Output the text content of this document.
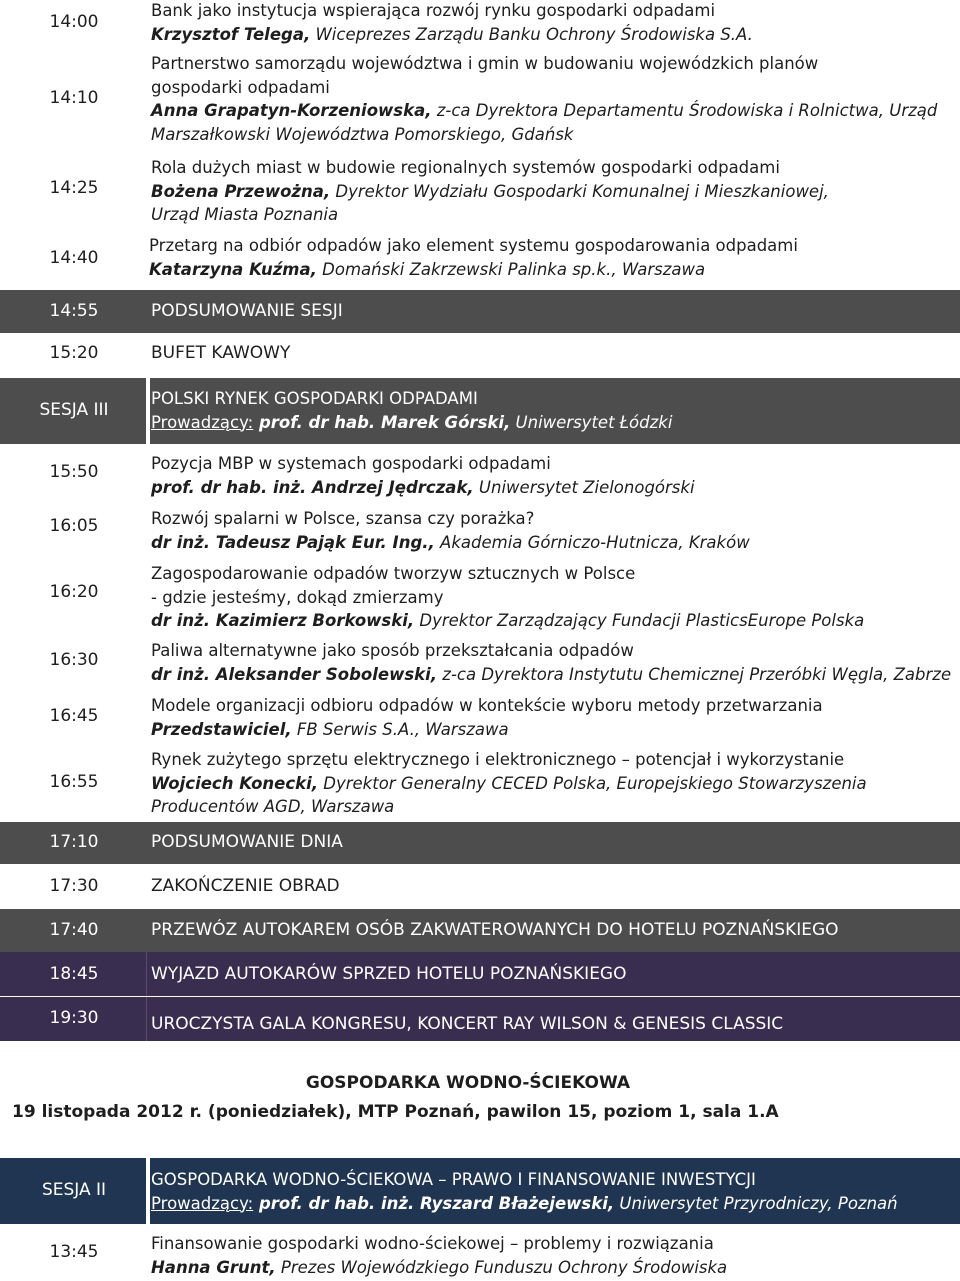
14:00
Bank jako instytucja wspierająca rozwój rynku gospodarki odpadami
Krzysztof Telega, Wiceprezes Zarządu Banku Ochrony Środowiska S.A.
14:10
Partnerstwo samorządu województwa i gmin w budowaniu wojewódzkich planów
gospodarki odpadami
Anna Grapatyn-Korzeniowska, z-ca Dyrektora Departamentu Środowiska i Rolnictwa, Urząd
Marszałkowski Województwa Pomorskiego, Gdańsk
14:25
Rola dużych miast w budowie regionalnych systemów gospodarki odpadami
Bożena Przewożna, Dyrektor Wydziału Gospodarki Komunalnej i Mieszkaniowej,
Urząd Miasta Poznania
14:40
Przetarg na odbiór odpadów jako element systemu gospodarowania odpadami
Katarzyna Kuźma, Domański Zakrzewski Palinka sp.k., Warszawa
14:55	PODSUMOWANIE SESJI
15:20	BUFET KAWOWY
SESJA III
POLSKI RYNEK GOSPODARKI ODPADAMI
Prowadzący: prof. dr hab. Marek Górski, Uniwersytet Łódzki
15:50	Pozycja MBP w systemach gospodarki odpadami
prof. dr hab. inż. Andrzej Jędrczak, Uniwersytet Zielonogórski
16:05	Rozwój spalarni w Polsce, szansa czy porażka?
dr inż. Tadeusz Pająk Eur. Ing., Akademia Górniczo-Hutnicza, Kraków
16:20
Zagospodarowanie odpadów tworzyw sztucznych w Polsce
- gdzie jesteśmy, dokąd zmierzamy
dr inż. Kazimierz Borkowski, Dyrektor Zarządzający Fundacji PlasticsEurope Polska
16:30	Paliwa alternatywne jako sposób przekształcania odpadów
dr inż. Aleksander Sobolewski, z-ca Dyrektora Instytutu Chemicznej Przeróbki Węgla, Zabrze
16:45
Modele organizacji odbioru odpadów w kontekście wyboru metody przetwarzania
Przedstawiciel, FB Serwis S.A., Warszawa
16:55
Rynek zużytego sprzętu elektrycznego i elektronicznego – potencjał i wykorzystanie
Wojciech Konecki, Dyrektor Generalny CECED Polska, Europejskiego Stowarzyszenia
Producentów AGD, Warszawa
17:10	PODSUMOWANIE DNIA
17:30	ZAKOŃCZENIE OBRAD
17:40	PRZEWÓZ AUTOKAREM OSÓB ZAKWATEROWANYCH DO HOTELU POZNAŃSKIEGO
18:45	WYJAZD AUTOKARÓW SPRZED HOTELU POZNAŃSKIEGO
19:30	UROCZYSTA GALA KONGRESU, KONCERT RAY WILSON & GENESIS CLASSIC
GOSPODARKA WODNO-ŚCIEKOWA
19 listopada 2012 r. (poniedziałek), MTP Poznań, pawilon 15, poziom 1, sala 1.A
SESJA II
GOSPODARKA WODNO-ŚCIEKOWA – PRAWO I FINANSOWANIE INWESTYCJI
Prowadzący: prof. dr hab. inż. Ryszard Błażejewski, Uniwersytet Przyrodniczy, Poznań
13:45	Finansowanie gospodarki wodno-ściekowej – problemy i rozwiązania
Hanna Grunt, Prezes Wojewódzkiego Funduszu Ochrony Środowiska
